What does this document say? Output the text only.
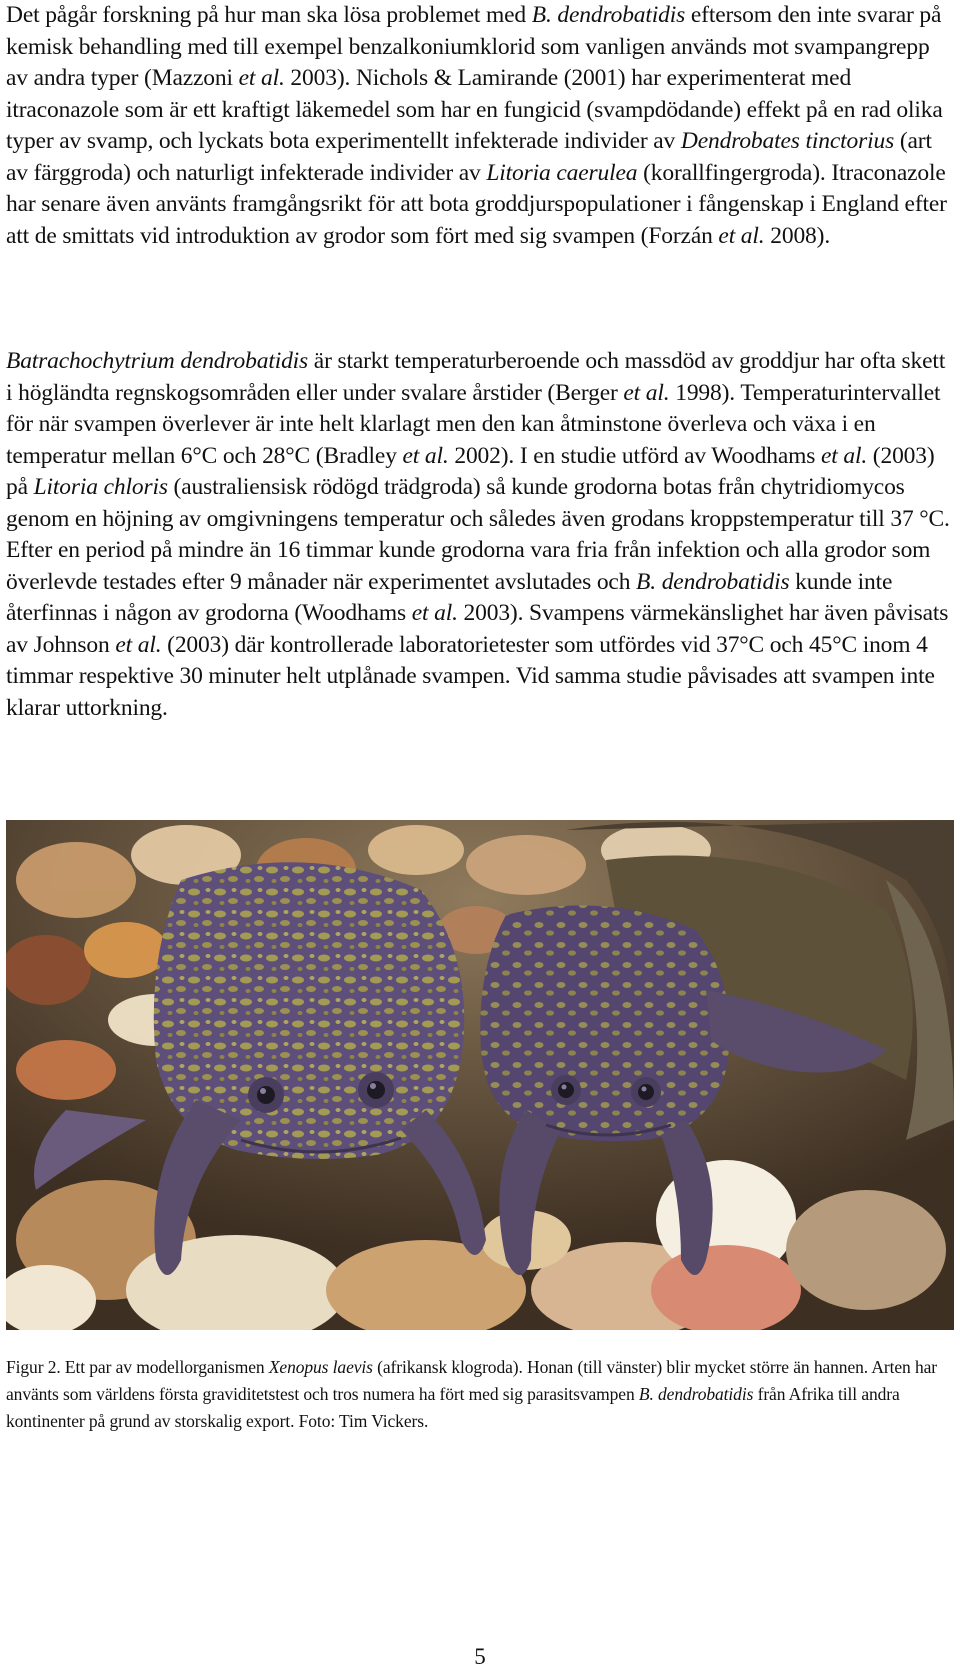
Det pågår forskning på hur man ska lösa problemet med B. dendrobatidis eftersom den inte svarar på kemisk behandling med till exempel benzalkoniumklorid som vanligen används mot svampangrepp av andra typer (Mazzoni et al. 2003). Nichols & Lamirande (2001) har experimenterat med itraconazole som är ett kraftigt läkemedel som har en fungicid (svampdödande) effekt på en rad olika typer av svamp, och lyckats bota experimentellt infekterade individer av Dendrobates tinctorius (art av färggroda) och naturligt infekterade individer av Litoria caerulea (korallfingergroda). Itraconazole har senare även använts framgångsrikt för att bota groddjurspopulationer i fångenskap i England efter att de smittats vid introduktion av grodor som fört med sig svampen (Forzán et al. 2008).

Batrachochytrium dendrobatidis är starkt temperaturberoende och massdöd av groddjur har ofta skett i högländta regnskogsområden eller under svalare årstider (Berger et al. 1998). Temperaturintervallet för när svampen överlever är inte helt klarlagt men den kan åtminstone överleva och växa i en temperatur mellan 6°C och 28°C (Bradley et al. 2002). I en studie utförd av Woodhams et al. (2003) på Litoria chloris (australiensisk rödögd trädgroda) så kunde grodorna botas från chytridiomycos genom en höjning av omgivningens temperatur och således även grodans kroppstemperatur till 37 °C. Efter en period på mindre än 16 timmar kunde grodorna vara fria från infektion och alla grodor som överlevde testades efter 9 månader när experimentet avslutades och B. dendrobatidis kunde inte återfinnas i någon av grodorna (Woodhams et al. 2003). Svampens värmekänslighet har även påvisats av Johnson et al. (2003) där kontrollerade laboratorietester som utfördes vid 37°C och 45°C inom 4 timmar respektive 30 minuter helt utplånade svampen. Vid samma studie påvisades att svampen inte klarar uttorkning.

Figur 2. Ett par av modellorganismen Xenopus laevis (afrikansk klogroda). Honan (till vänster) blir mycket större än hannen. Arten har använts som världens första graviditetstest och tros numera ha fört med sig parasitsvampen B. dendrobatidis från Afrika till andra kontinenter på grund av storskalig export. Foto: Tim Vickers.

5
